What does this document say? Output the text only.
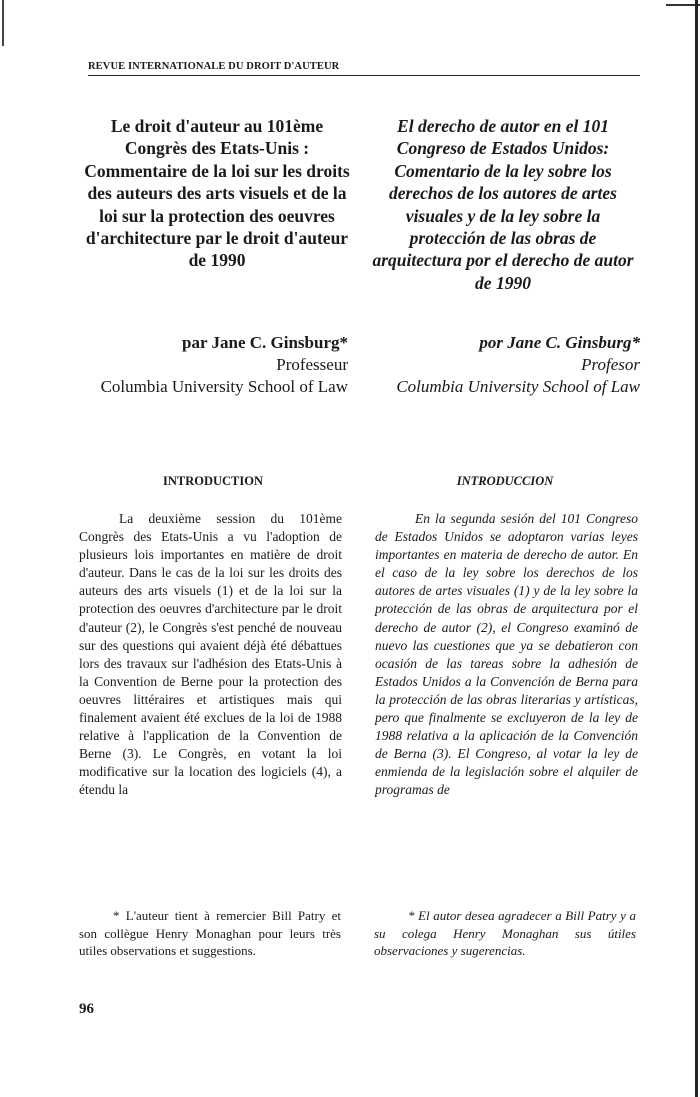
REVUE INTERNATIONALE DU DROIT D'AUTEUR
Le droit d'auteur au 101ème Congrès des Etats-Unis : Commentaire de la loi sur les droits des auteurs des arts visuels et de la loi sur la protection des oeuvres d'architecture par le droit d'auteur de 1990
El derecho de autor en el 101 Congreso de Estados Unidos: Comentario de la ley sobre los derechos de los autores de artes visuales y de la ley sobre la protección de las obras de arquitectura por el derecho de autor de 1990
par Jane C. Ginsburg*
Professeur
Columbia University School of Law
por Jane C. Ginsburg*
Profesor
Columbia University School of Law
INTRODUCTION	INTRODUCCION
La deuxième session du 101ème Congrès des Etats-Unis a vu l'adoption de plusieurs lois importantes en matière de droit d'auteur. Dans le cas de la loi sur les droits des auteurs des arts visuels (1) et de la loi sur la protection des oeuvres d'architecture par le droit d'auteur (2), le Congrès s'est penché de nouveau sur des questions qui avaient déjà été débattues lors des travaux sur l'adhésion des Etats-Unis à la Convention de Berne pour la protection des oeuvres littéraires et artistiques mais qui finalement avaient été exclues de la loi de 1988 relative à l'application de la Convention de Berne (3). Le Congrès, en votant la loi modificative sur la location des logiciels (4), a étendu la
En la segunda sesión del 101 Congreso de Estados Unidos se adoptaron varias leyes importantes en materia de derecho de autor. En el caso de la ley sobre los derechos de los autores de artes visuales (1) y de la ley sobre la protección de las obras de arquitectura por el derecho de autor (2), el Congreso examinó de nuevo las cuestiones que ya se debatieron con ocasión de las tareas sobre la adhesión de Estados Unidos a la Convención de Berna para la protección de las obras literarias y artísticas, pero que finalmente se excluyeron de la ley de 1988 relativa a la aplicación de la Convención de Berna (3). El Congreso, al votar la ley de enmienda de la legislación sobre el alquiler de programas de
* L'auteur tient à remercier Bill Patry et son collègue Henry Monaghan pour leurs très utiles observations et suggestions.
* El autor desea agradecer a Bill Patry y a su colega Henry Monaghan sus útiles observaciones y sugerencias.
96
